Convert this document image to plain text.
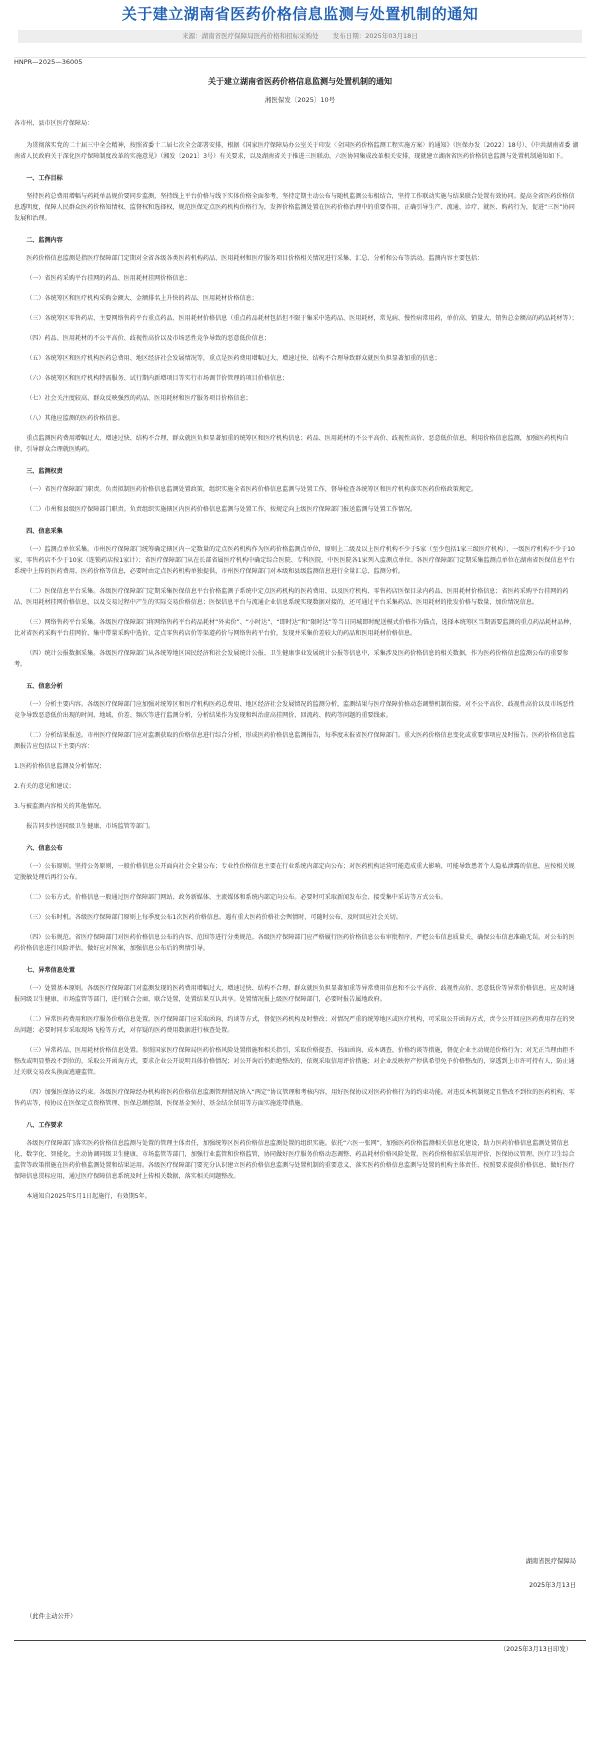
关于建立湖南省医药价格信息监测与处置机制的通知
来源：湖南省医疗保障局医药价格和招标采购处 发布日期：2025年03月18日
HNPR—2025—36005
关于建立湖南省医药价格信息监测与处置机制的通知
湘医保发〔2025〕10号

各市州、县市区医疗保障局：

为贯彻落实党的二十届三中全会精神，按照省委十二届七次全会部署安排，根据《国家医疗保障局办公室关于印发〈全国医药价格监测工程实施方案〉的通知》（医保办发〔2022〕18号）、《中共湖南省委 湖南省人民政府关于深化医疗保障制度改革的实施意见》（湘发〔2021〕3号）有关要求，以及湖南省关于推进三医联动、六医协同集成改革相关安排，现就建立湖南省医药价格信息监测与处置机制通知如下。

一、工作目标

坚持医药总费用增幅与药耗单品规价要同步监测，坚持线上平台价格与线下实体价格全面参考，坚持定期主动公布与随机监测公布相结合，坚持工作联动实施与结果联合处置有效协同。提高全省医药价格信息透明度，保障人民群众医药价格知情权、监督权和选择权，规范医保定点医药机构价格行为，发挥价格监测处置在医药价格治理中的重要作用，正确引导生产、流通、诊疗、就医、购药行为，促进“三医”协同发展和治理。

二、监测内容

医药价格信息监测是指医疗保障部门定期对全省各级各类医药机构药品、医用耗材和医疗服务项目价格相关情况进行采集、汇总、分析和公布等活动。监测内容主要包括：

（一）省医药采购平台挂网的药品、医用耗材挂网价格信息；

（二）各统筹区和医疗机构采购金额大、金额排名上升快的药品、医用耗材价格信息；

（三）各统筹区零售药店、主要网络售药平台重点药品、医用耗材价格信息（重点药品耗材包括但不限于集采中选药品、医用耗材，常见病、慢性病常用药，单价高、销量大、销售总金额高的药品耗材等）；

（四）药品、医用耗材的不公平高价、歧视性高价以及市场恶性竞争导致的恶意低价信息；

（五）各统筹区和医疗机构医药总费用、地区经济社会发展情况等，重点是医药费用增幅过大、增速过快、结构不合理导致群众就医负担显著加重的信息；

（六）各统筹区和医疗机构特需服务、试行期内新增项目等实行市场调节价管理的项目价格信息；

（七）社会关注度较高、群众反映强烈的药品、医用耗材和医疗服务项目价格信息；

（八）其他应监测的医药价格信息。

重点监测医药费用增幅过大、增速过快、结构不合理、群众就医负担显著加重的统筹区和医疗机构信息；药品、医用耗材的不公平高价、歧视性高价、恶意低价信息，利用价格信息监测，加强医药机构自律，引导群众合理就医购药。

三、监测权责

（一）省医疗保障部门职责。负责拟制医药价格信息监测处置政策，组织实施全省医药价格信息监测与处置工作，督导检查各统筹区和医疗机构落实医药价格政策规定。

（二）市州和县级医疗保障部门职责。负责组织实施辖区内医药价格信息监测与处置工作，按规定向上级医疗保障部门报送监测与处置工作情况。

四、信息采集

（一）监测点单位采集。市州医疗保障部门统筹确定辖区内一定数量的定点医药机构作为医药价格监测点单位，原则上二级及以上医疗机构不少于5家（至少包括1家三级医疗机构），一级医疗机构不少于10家，零售药店不少于10家（连锁药店按1家计）；省医疗保障部门从在长部省属医疗机构中确定综合医院、专科医院、中医医院各1家列入监测点单位。各医疗保障部门定期采集监测点单位在湖南省医保信息平台系统中上传的医药费用、医药价格等信息，必要时由定点医药机构单独提供，市州医疗保障部门对本级和县级监测信息进行全量汇总、监测分析。

（二）医保信息平台采集。各级医疗保障部门定期采集医保信息平台价格监测子系统中定点医药机构的医药费用、以及医疗机构、零售药店医保目录内药品、医用耗材价格信息；省医药采购平台挂网的药品、医用耗材挂网价格信息，以及交易过程中产生的实际交易价格信息；医保信息平台与流通企业信息系统实现数据对接的，还可通过平台采集药品、医用耗材的批发价格与数量、加价情况信息。

（三）网络售药平台采集。各级医疗保障部门将网络售药平台药品耗材“外卖价”、“小时达”、“即时达”和“限时达”等当日同城即时配送模式价格作为锚点，选择本统筹区当期需要监测的重点药品耗材品种，比对省医药采购平台挂网价、集中带量采购中选价、定点零售药店价等渠道药价与网络售药平台价，发现并采集价差较大的药品和医用耗材价格信息。

（四）统计公报数据采集。各级医疗保障部门从各统筹地区国民经济和社会发展统计公报、卫生健康事业发展统计公报等信息中，采集涉及医药价格信息的相关数据，作为医药价格信息监测公布的重要参考。

五、信息分析

（一）分析主要内容。各级医疗保障部门应加强对统筹区和医疗机构医药总费用、地区经济社会发展情况的监测分析，监测结果与医疗保障价格动态调整机制衔接。对不公平高价、歧视性高价以及市场恶性竞争导致恶意低价出现的时间、地域、价差、频次等进行监测分析，分析结果作为发现和纠治虚高挂网价、回流药、假药等问题的重要线索。

（二）分析结果报送。市州医疗保障部门应对监测获取的价格信息进行综合分析，形成医药价格信息监测报告，每季度末报省医疗保障部门。重大医药价格信息变化或重要事项应及时报告。医药价格信息监测报告应包括以下主要内容：

1.医药价格信息监测及分析情况；

2.有关的意见和建议；

3.与被监测内容相关的其他情况。

报告同步抄送同级卫生健康、市场监管等部门。

六、信息公布

（一）公布原则。坚持公务原则，一般价格信息公开面向社会全量公布；专业性价格信息主要在行业系统内部定向公布；对医药机构运营可能造成重大影响、可能导致患者个人隐私泄露的信息，应按相关规定脱敏处理后再行公布。

（二）公布方式。价格信息一般通过医疗保障部门网站、政务新媒体、主流媒体和系统内部定向公布。必要时可采取新闻发布会、接受集中采访等方式公布。

（三）公布时机。各级医疗保障部门原则上每季度公布1次医药价格信息。遇有重大医药价格社会舆情时，可随时公布，及时回应社会关切。

（四）公布规范。省医疗保障部门对医药价格信息公布的内容、范围等进行分类规范。各级医疗保障部门应严格履行医药价格信息公布审批程序，严把公布信息质量关，确保公布信息准确无误。对公布的医药价格信息进行风险评估，做好应对预案，加强信息公布后的舆情引导。

七、异常信息处置

（一）处置基本原则。各级医疗保障部门对监测发现的医药费用增幅过大、增速过快、结构不合理、群众就医负担显著加重等异常费用信息和不公平高价、歧视性高价、恶意低价等异常价格信息，应及时通报同级卫生健康、市场监管等部门，进行联合会商、联合处置，处置结果互认共享。处置情况报上级医疗保障部门，必要时报告属地政府。

（二）异常医药费用和医疗服务价格信息处置。医疗保障部门应采取函询、约谈等方式，督促医药机构及时整改；对情况严重的统筹地区或医疗机构，可采取公开函询方式，责令公开回应医药费用存在的突出问题；必要时同步采取现场飞检等方式，对存疑的医药费用数据进行核查处置。

（三）异常药品、医用耗材价格信息处置。参照国家医疗保障局医药价格风险处置措施和相关指引，采取价格提查、书面函询、成本调查、价格约谈等措施，督促企业主动规范价格行为；对无正当理由拒不整改或明显整改不到位的，采取公开函询方式，要求企业公开说明具体价格情况；对公开询后仍拒绝整改的，依规采取信用评价措施；对企业反映停产停供希望免予价格整改的，穿透到上市许可持有人，防止通过关联交易改头换面逃避监管。

（四）加强医保协议约束。各级医疗保障经办机构将医药价格信息监测管理情况纳入“两定”协议管理和考核内容，用好医保协议对医药价格行为的约束功能。对违反本机制规定且整改不到位的医药机构、零售药店等，按协议在医保定点资格管理、医保总额控制、医保基金预付、基金结余留用等方面实施连带措施。

八、工作要求

各级医疗保障部门落实医药价格信息监测与处置的管理主体责任，加强统筹区医药价格信息监测处置的组织实施。依托“六医一张网”，加强医药价格监测相关信息化建设，助力医药价格信息监测处置信息化、数字化、智能化，主动协调同级卫生健康、市场监管等部门，加强行业监管和价格监管，协同做好医疗服务价格动态调整、药品耗材价格风险处置、医药价格和招采信用评价、医保协议管理、医疗卫生综合监管等政策措施在医药价格监测处置和结果运用。各级医疗保障部门要充分认识建立医药价格信息监测与处置机制的重要意义，落实医药价格信息监测与处置的机构主体责任，按照要求提供价格信息，做好医疗保障信息贯标应用，通过医疗保障信息系统及时上传相关数据，落实相关问题整改。

本通知自2025年5月1日起施行，有效期5年。

湖南省医疗保障局
2025年3月13日
（此件主动公开）
（2025年3月13日印发）
